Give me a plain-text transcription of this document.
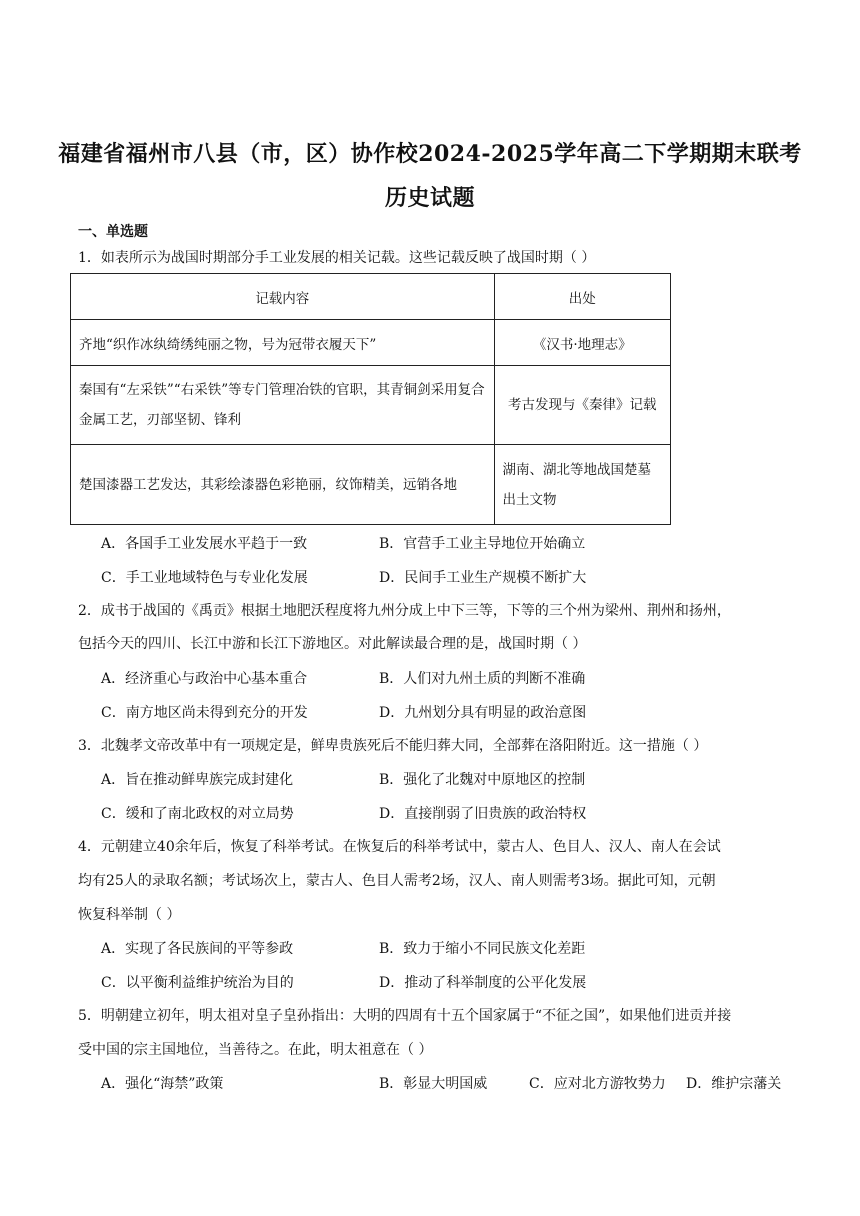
福建省福州市八县（市，区）协作校2024-2025学年高二下学期期末联考
历史试题
一、单选题
1．如表所示为战国时期部分手工业发展的相关记载。这些记载反映了战国时期（ ）
记载内容	出处
齐地“织作冰纨绮绣纯丽之物，号为冠带衣履天下”	《汉书·地理志》
秦国有“左采铁”“右采铁”等专门管理冶铁的官职，其青铜剑采用复合金属工艺，刃部坚韧、锋利	考古发现与《秦律》记载
楚国漆器工艺发达，其彩绘漆器色彩艳丽，纹饰精美，远销各地	湖南、湖北等地战国楚墓出土文物
A．各国手工业发展水平趋于一致	B．官营手工业主导地位开始确立
C．手工业地域特色与专业化发展	D．民间手工业生产规模不断扩大
2．成书于战国的《禹贡》根据土地肥沃程度将九州分成上中下三等，下等的三个州为梁州、荆州和扬州，
包括今天的四川、长江中游和长江下游地区。对此解读最合理的是，战国时期（ ）
A．经济重心与政治中心基本重合	B．人们对九州土质的判断不准确
C．南方地区尚未得到充分的开发	D．九州划分具有明显的政治意图
3．北魏孝文帝改革中有一项规定是，鲜卑贵族死后不能归葬大同，全部葬在洛阳附近。这一措施（ ）
A．旨在推动鲜卑族完成封建化	B．强化了北魏对中原地区的控制
C．缓和了南北政权的对立局势	D．直接削弱了旧贵族的政治特权
4．元朝建立40余年后，恢复了科举考试。在恢复后的科举考试中，蒙古人、色目人、汉人、南人在会试
均有25人的录取名额；考试场次上，蒙古人、色目人需考2场，汉人、南人则需考3场。据此可知，元朝
恢复科举制（ ）
A．实现了各民族间的平等参政	B．致力于缩小不同民族文化差距
C．以平衡利益维护统治为目的	D．推动了科举制度的公平化发展
5．明朝建立初年，明太祖对皇子皇孙指出：大明的四周有十五个国家属于“不征之国”，如果他们进贡并接
受中国的宗主国地位，当善待之。在此，明太祖意在（ ）
A．强化“海禁”政策	B．彰显大明国威	C．应对北方游牧势力 D．维护宗藩关
